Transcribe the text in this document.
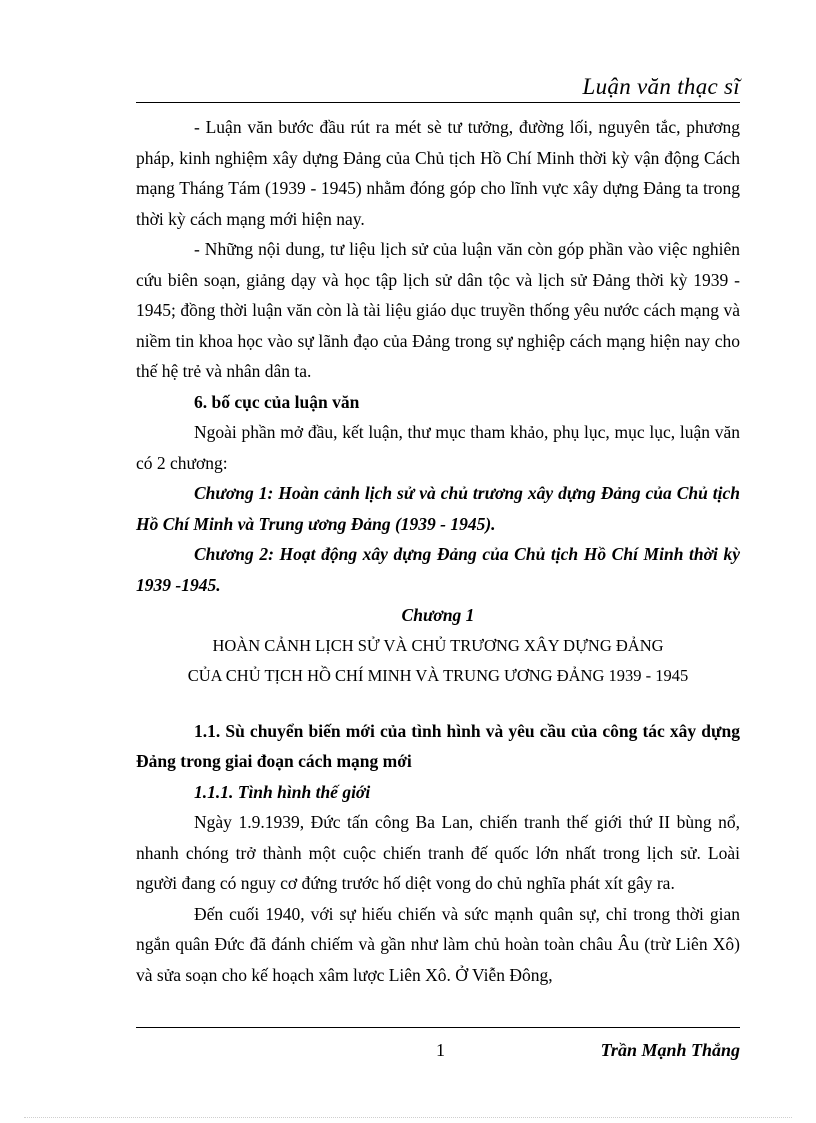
Luận văn thạc sĩ

- Luận văn bước đầu rút ra mét sè tư tưởng, đường lối, nguyên tắc, phương pháp, kinh nghiệm xây dựng Đảng của Chủ tịch Hồ Chí Minh thời kỳ vận động Cách mạng Tháng Tám (1939 - 1945) nhằm đóng góp cho lĩnh vực xây dựng Đảng ta trong thời kỳ cách mạng mới hiện nay.

- Những nội dung, tư liệu lịch sử của luận văn còn góp phần vào việc nghiên cứu biên soạn, giảng dạy và học tập lịch sử dân tộc và lịch sử Đảng thời kỳ 1939 - 1945; đồng thời luận văn còn là tài liệu giáo dục truyền thống yêu nước cách mạng và niềm tin khoa học vào sự lãnh đạo của Đảng trong sự nghiệp cách mạng hiện nay cho thế hệ trẻ và nhân dân ta.

6. bố cục của luận văn

Ngoài phần mở đầu, kết luận, thư mục tham khảo, phụ lục, mục lục, luận văn có 2 chương:

Chương 1: Hoàn cảnh lịch sử và chủ trương xây dựng Đảng của Chủ tịch Hồ Chí Minh và Trung ương Đảng (1939 - 1945).

Chương 2: Hoạt động xây dựng Đảng của Chủ tịch Hồ Chí Minh thời kỳ 1939 -1945.

Chương 1

HOÀN CẢNH LỊCH SỬ VÀ CHỦ TRƯƠNG XÂY DỰNG ĐẢNG

CỦA CHỦ TỊCH HỒ CHÍ MINH VÀ TRUNG ƯƠNG ĐẢNG 1939 - 1945

1.1. Sù chuyển biến mới của tình hình và yêu cầu của công tác xây dựng Đảng trong giai đoạn cách mạng mới

1.1.1. Tình hình thế giới

Ngày 1.9.1939, Đức tấn công Ba Lan, chiến tranh thế giới thứ II bùng nổ, nhanh chóng trở thành một cuộc chiến tranh đế quốc lớn nhất trong lịch sử. Loài người đang có nguy cơ đứng trước hố diệt vong do chủ nghĩa phát xít gây ra.

Đến cuối 1940, với sự hiếu chiến và sức mạnh quân sự, chỉ trong thời gian ngắn quân Đức đã đánh chiếm và gần như làm chủ hoàn toàn châu Âu (trừ Liên Xô) và sửa soạn cho kế hoạch xâm lược Liên Xô. Ở Viễn Đông,

1	Trần Mạnh Thắng
